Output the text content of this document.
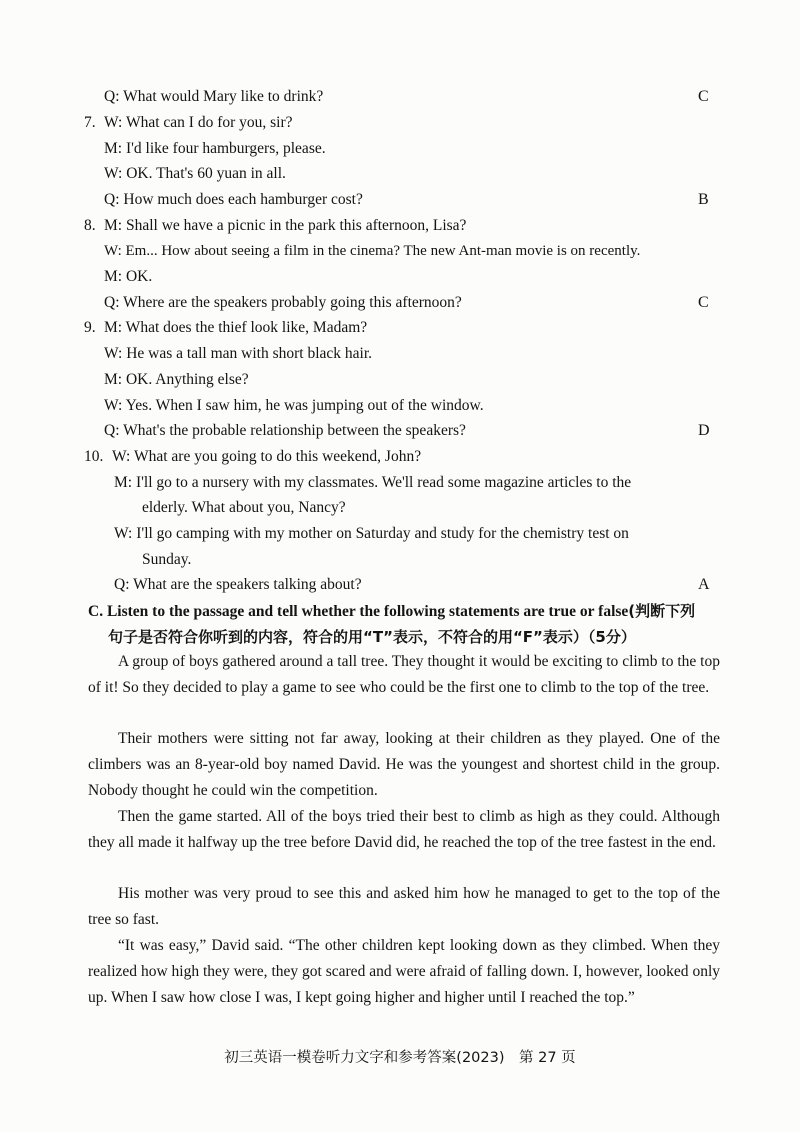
Q: What would Mary like to drink?	C
7. W: What can I do for you, sir?
M: I'd like four hamburgers, please.
W: OK. That's 60 yuan in all.
Q: How much does each hamburger cost?	B
8. M: Shall we have a picnic in the park this afternoon, Lisa?
W: Em... How about seeing a film in the cinema? The new Ant-man movie is on recently.
M: OK.
Q: Where are the speakers probably going this afternoon?	C
9. M: What does the thief look like, Madam?
W: He was a tall man with short black hair.
M: OK. Anything else?
W: Yes. When I saw him, he was jumping out of the window.
Q: What's the probable relationship between the speakers?	D
10. W: What are you going to do this weekend, John?
M: I'll go to a nursery with my classmates. We'll read some magazine articles to the
elderly. What about you, Nancy?
W: I'll go camping with my mother on Saturday and study for the chemistry test on
Sunday.
Q: What are the speakers talking about?	A
C. Listen to the passage and tell whether the following statements are true or false(判断下列
句子是否符合你听到的内容，符合的用“T”表示，不符合的用“F”表示）（5分）
A group of boys gathered around a tall tree. They thought it would be exciting to climb to the top of it! So they decided to play a game to see who could be the first one to climb to the top of the tree.
Their mothers were sitting not far away, looking at their children as they played. One of the climbers was an 8-year-old boy named David. He was the youngest and shortest child in the group. Nobody thought he could win the competition.
Then the game started. All of the boys tried their best to climb as high as they could. Although they all made it halfway up the tree before David did, he reached the top of the tree fastest in the end.
His mother was very proud to see this and asked him how he managed to get to the top of the tree so fast.
“It was easy,” David said. “The other children kept looking down as they climbed. When they realized how high they were, they got scared and were afraid of falling down. I, however, looked only up. When I saw how close I was, I kept going higher and higher until I reached the top.”
初三英语一模卷听力文字和参考答案(2023)　第 27 页
